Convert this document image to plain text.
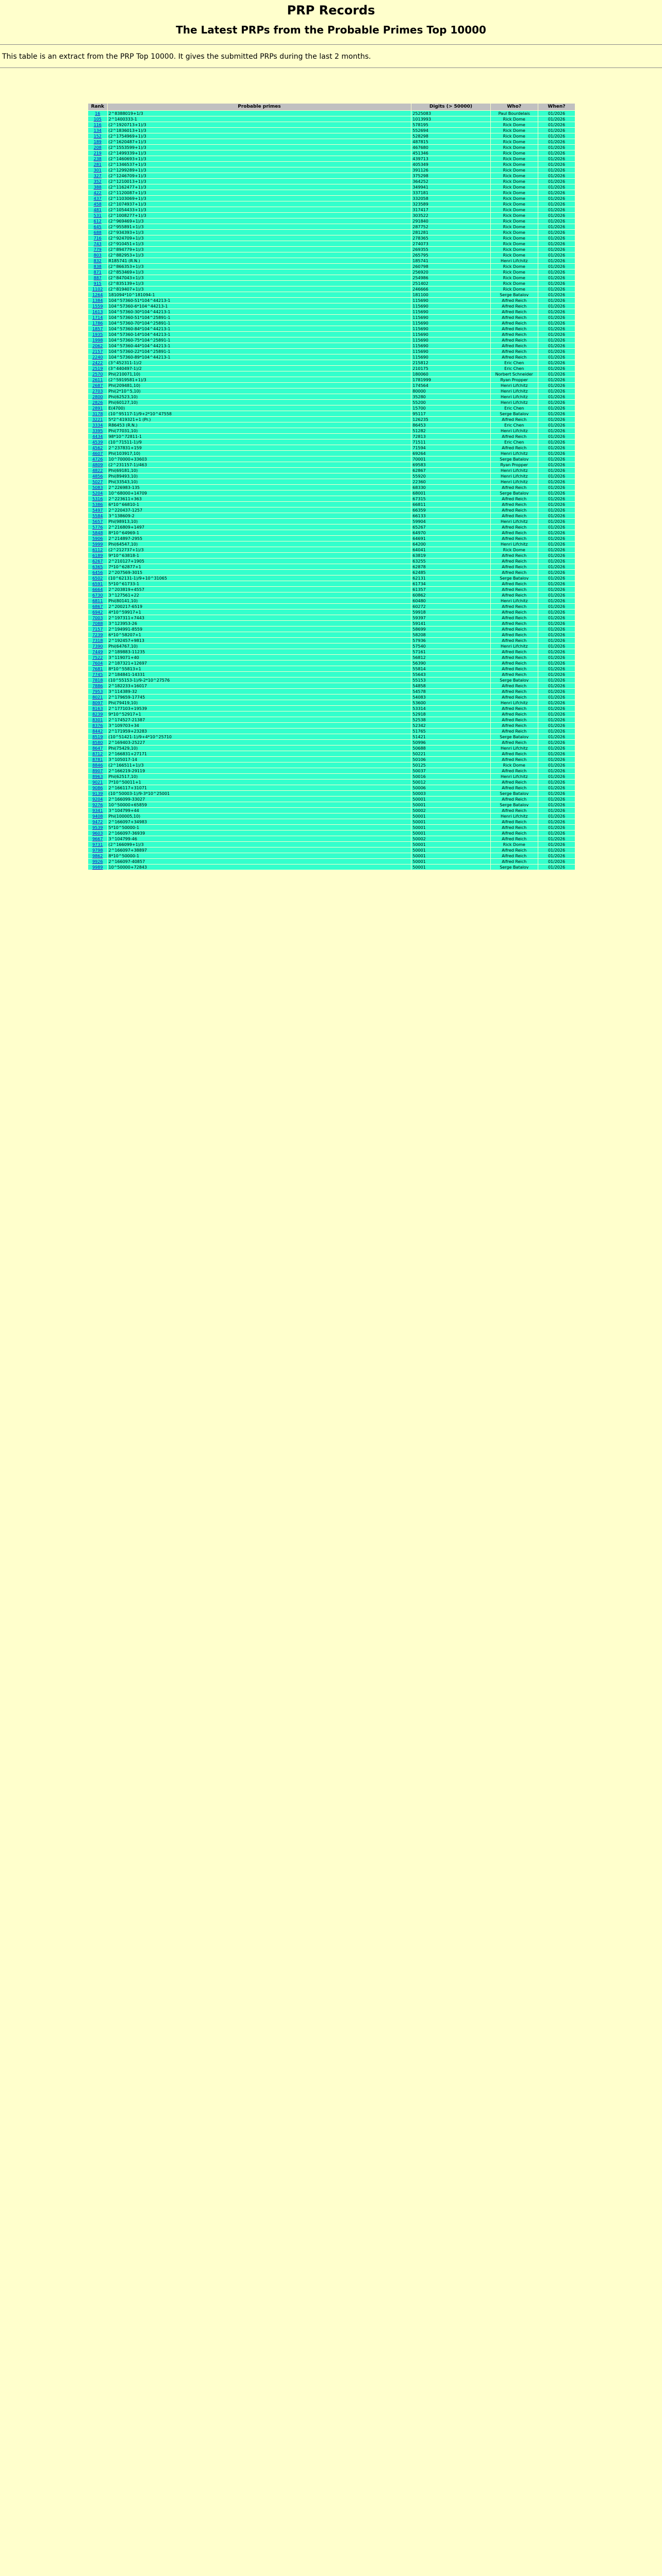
PRP Records
The Latest PRPs from the Probable Primes Top 10000

This table is an extract from the PRP Top 10000. It gives the submitted PRPs during the last 2 months.

Rank	Probable primes	Digits (> 50000)	Who?	When?
16	2^8388019+1/3	2525083	Paul Bourdelais	01/2026
105	2^1400333-1	1013993	Rick Dome	01/2026
116	(2^1920713+1)/3	578195	Rick Dome	01/2026
134	(2^1836013+1)/3	552694	Rick Dome	01/2026
152	(2^1754969+1)/3	528298	Rick Dome	01/2026
189	(2^1620487+1)/3	487815	Rick Dome	01/2026
208	(2^1553599+1)/3	467680	Rick Dome	01/2026
219	(2^1499339+1)/3	451346	Rick Dome	01/2026
238	(2^1460693+1)/3	439713	Rick Dome	01/2026
281	(2^1346537+1)/3	405349	Rick Dome	01/2026
301	(2^1299289+1)/3	391126	Rick Dome	01/2026
327	(2^1246709+1)/3	375298	Rick Dome	01/2026
352	(2^1210013+1)/3	364252	Rick Dome	01/2026
388	(2^1162477+1)/3	349941	Rick Dome	01/2026
422	(2^1120087+1)/3	337181	Rick Dome	01/2026
437	(2^1103069+1)/3	332058	Rick Dome	01/2026
458	(2^1074937+1)/3	323589	Rick Dome	01/2026
481	(2^1054433+1)/3	317417	Rick Dome	01/2026
531	(2^1008277+1)/3	303522	Rick Dome	01/2026
612	(2^969469+1)/3	291840	Rick Dome	01/2026
645	(2^955891+1)/3	287752	Rick Dome	01/2026
688	(2^934393+1)/3	281281	Rick Dome	01/2026
716	(2^924709+1)/3	278365	Rick Dome	01/2026
743	(2^910451+1)/3	274073	Rick Dome	01/2026
779	(2^894779+1)/3	269355	Rick Dome	01/2026
803	(2^882953+1)/3	265795	Rick Dome	01/2026
832	R185741 (R.N.)	185741	Henri Lifchitz	01/2026
838	(2^866353+1)/3	260798	Rick Dome	01/2026
871	(2^853469+1)/3	256920	Rick Dome	01/2026
887	(2^847043+1)/3	254986	Rick Dome	01/2026
915	(2^835139+1)/3	251402	Rick Dome	01/2026
1102	(2^819407+1)/3	246666	Rick Dome	01/2026
1264	181094*10^181094-1	181100	Serge Batalov	01/2026
1384	104^57360-51*104^44213-1	115690	Alfred Reich	01/2026
1559	104^57360-6*104^44213-1	115690	Alfred Reich	01/2026
1613	104^57360-30*104^44213-1	115690	Alfred Reich	01/2026
1714	104^57360-51*104^25891-1	115690	Alfred Reich	01/2026
1786	104^57360-70*104^25891-1	115690	Alfred Reich	01/2026
1857	104^57360-84*104^44213-1	115690	Alfred Reich	01/2026
1935	104^57360-14*104^44213-1	115690	Alfred Reich	01/2026
1998	104^57360-75*104^25891-1	115690	Alfred Reich	01/2026
2062	104^57360-44*104^44213-1	115690	Alfred Reich	01/2026
2157	104^57360-22*104^25891-1	115690	Alfred Reich	01/2026
2240	104^57360-89*104^44213-1	115690	Alfred Reich	01/2026
2422	(3^452311-1)/2	215812	Eric Chen	01/2026
2519	(3^440497-1)/2	210175	Eric Chen	01/2026
2570	Phi(210071,10)	180060	Norbert Schneider	01/2026
2611	(2^5919581+1)/3	1781999	Ryan Propper	01/2026
2687	Phi(209481,10)	174564	Henri Lifchitz	01/2026
2703	Phi(2*10^5,10)	80000	Henri Lifchitz	01/2026
2800	Phi(62523,10)	35280	Henri Lifchitz	01/2026
2826	Phi(60127,10)	55200	Henri Lifchitz	01/2026
2891	E(4700)	15700	Eric Chen	01/2026
3178	(10^95117-1)/9+2*10^47558	95117	Serge Batalov	01/2026
3221	5*2^419321+1 (Pr.)	126235	Alfred Reich	01/2026
3334	R86453 (R.N.)	86453	Eric Chen	01/2026
3395	Phi(77031,10)	51282	Henri Lifchitz	01/2026
4434	98*10^72811-1	72813	Alfred Reich	01/2026
4539	(10^71511-1)/9	71511	Eric Chen	01/2026
4562	2^237831+159	71594	Alfred Reich	01/2026
4607	Phi(103917,10)	69264	Henri Lifchitz	01/2026
4726	10^70000+33603	70001	Serge Batalov	01/2026
4809	(2^231157-1)/463	69583	Ryan Propper	01/2026
4822	Phi(69181,10)	62867	Henri Lifchitz	01/2026
4856	Phi(89493,10)	55920	Henri Lifchitz	01/2026
5027	Phi(33543,10)	22360	Henri Lifchitz	01/2026
5083	2^226983-135	68330	Alfred Reich	01/2026
5204	10^68000+14709	68001	Serge Batalov	01/2026
5316	2^223611+363	67315	Alfred Reich	01/2026
5386	6*10^66810-1	66811	Alfred Reich	01/2026
5497	2^220437-1257	66359	Alfred Reich	01/2026
5584	3^138609-2	66133	Alfred Reich	01/2026
5657	Phi(98913,10)	59904	Henri Lifchitz	01/2026
5776	2^216809+1497	65267	Alfred Reich	01/2026
5848	8*10^64969-1	64970	Alfred Reich	01/2026
5906	2^214897-2955	64691	Alfred Reich	01/2026
5999	Phi(64547,10)	64200	Henri Lifchitz	01/2026
6112	(2^212737+1)/3	64041	Rick Dome	01/2026
6189	9*10^63818-1	63819	Alfred Reich	01/2026
6267	2^210127+1905	63255	Alfred Reich	01/2026
6365	7*10^62877+1	62878	Alfred Reich	01/2026
6456	2^207569-3015	62485	Alfred Reich	01/2026
6502	(10^62131-1)/9+10^31065	62131	Serge Batalov	01/2026
6591	5*10^61733-1	61734	Alfred Reich	01/2026
6664	2^203819+4557	61357	Alfred Reich	01/2026
6730	3^127561+22	60862	Alfred Reich	01/2026
6811	Phi(80141,10)	60480	Henri Lifchitz	01/2026
6867	2^200217-6519	60272	Alfred Reich	01/2026
6942	4*10^59917+1	59918	Alfred Reich	01/2026
7003	2^197311+7443	59397	Alfred Reich	01/2026
7088	3^123953-26	59141	Alfred Reich	01/2026
7157	2^194991-8559	58699	Alfred Reich	01/2026
7239	6*10^58207+1	58208	Alfred Reich	01/2026
7318	2^192457+9813	57936	Alfred Reich	01/2026
7390	Phi(64767,10)	57540	Henri Lifchitz	01/2026
7449	2^189883-11235	57161	Alfred Reich	01/2026
7522	3^119071+40	56812	Alfred Reich	01/2026
7604	2^187321+12697	56390	Alfred Reich	01/2026
7681	8*10^55813+1	55814	Alfred Reich	01/2026
7745	2^184841-14331	55643	Alfred Reich	01/2026
7818	(10^55153-1)/9-2*10^27576	55153	Serge Batalov	01/2026
7886	2^182233+16017	54858	Alfred Reich	01/2026
7953	3^114389-32	54578	Alfred Reich	01/2026
8021	2^179659-17745	54083	Alfred Reich	01/2026
8097	Phi(79419,10)	53600	Henri Lifchitz	01/2026
8163	2^177103+19539	53314	Alfred Reich	01/2026
8239	9*10^52917+1	52918	Alfred Reich	01/2026
8301	2^174527-21387	52538	Alfred Reich	01/2026
8376	3^109703+34	52342	Alfred Reich	01/2026
8442	2^171959+23283	51765	Alfred Reich	01/2026
8519	(10^51421-1)/9+4*10^25710	51421	Serge Batalov	01/2026
8580	2^169403-25227	50996	Alfred Reich	01/2026
8647	Phi(75429,10)	50688	Henri Lifchitz	01/2026
8712	2^166831+27171	50221	Alfred Reich	01/2026
8781	3^105017-14	50106	Alfred Reich	01/2026
8846	(2^166511+1)/3	50125	Rick Dome	01/2026
8907	2^166219-29119	50037	Alfred Reich	01/2026
8963	Phi(62517,10)	50016	Henri Lifchitz	01/2026
9021	7*10^50011+1	50012	Alfred Reich	01/2026
9086	2^166117+31071	50006	Alfred Reich	01/2026
9139	(10^50003-1)/9-3*10^25001	50003	Serge Batalov	01/2026
9204	2^166099-33027	50001	Alfred Reich	01/2026
9276	10^50000+65859	50001	Serge Batalov	01/2026
9341	3^104799+44	50002	Alfred Reich	01/2026
9408	Phi(100005,10)	50001	Henri Lifchitz	01/2026
9472	2^166097+34983	50001	Alfred Reich	01/2026
9539	5*10^50000-1	50001	Alfred Reich	01/2026
9603	2^166097-36939	50001	Alfred Reich	01/2026
9667	3^104799-46	50002	Alfred Reich	01/2026
9731	(2^166099+1)/3	50001	Rick Dome	01/2026
9798	2^166097+38897	50001	Alfred Reich	01/2026
9862	8*10^50000-1	50001	Alfred Reich	01/2026
9926	2^166097-40857	50001	Alfred Reich	01/2026
9989	10^50000+72843	50001	Serge Batalov	01/2026
